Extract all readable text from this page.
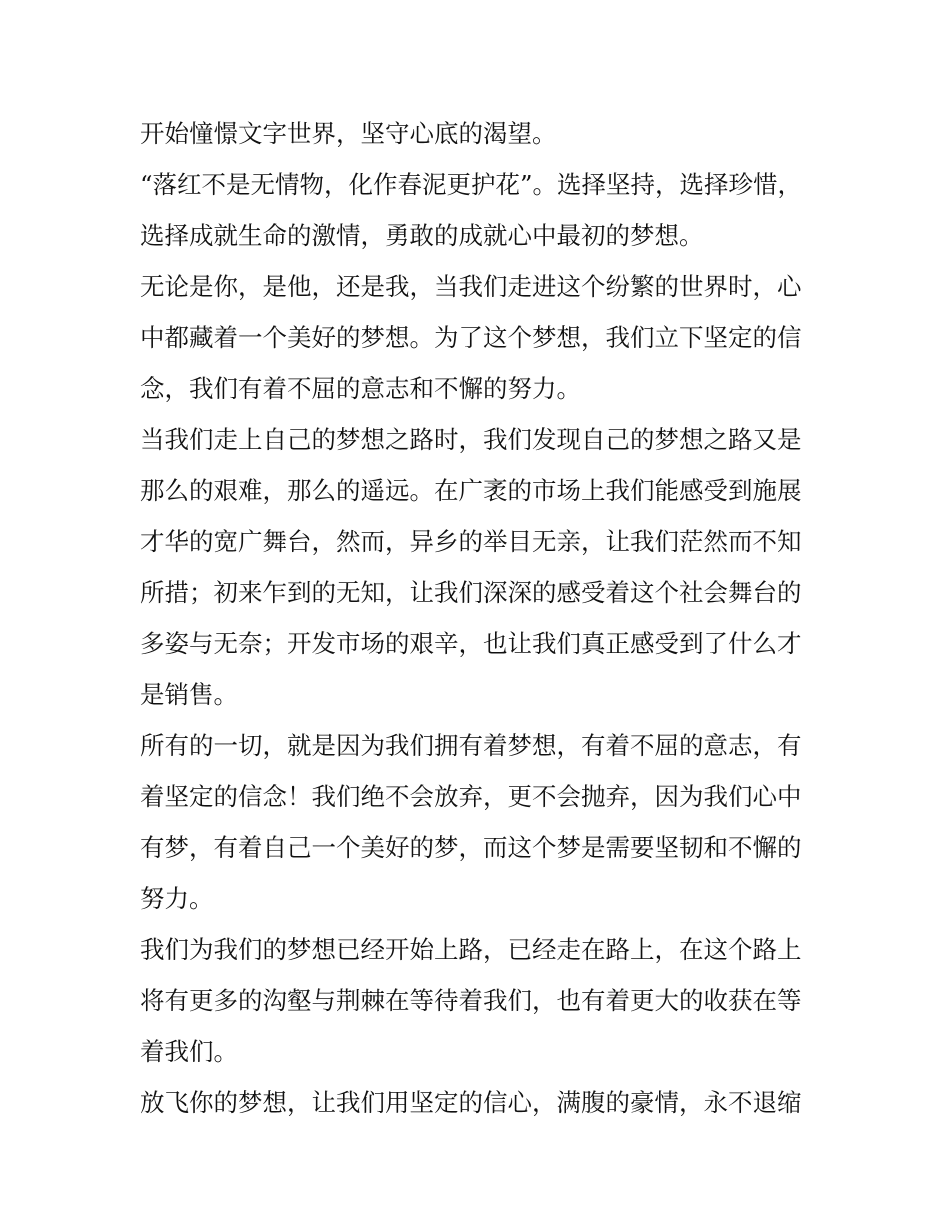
开始憧憬文字世界，坚守心底的渴望。

“落红不是无情物，化作春泥更护花”。选择坚持，选择珍惜，
选择成就生命的激情，勇敢的成就心中最初的梦想。

无论是你，是他，还是我，当我们走进这个纷繁的世界时，心
中都藏着一个美好的梦想。为了这个梦想，我们立下坚定的信
念，我们有着不屈的意志和不懈的努力。

当我们走上自己的梦想之路时，我们发现自己的梦想之路又是
那么的艰难，那么的遥远。在广袤的市场上我们能感受到施展
才华的宽广舞台，然而，异乡的举目无亲，让我们茫然而不知
所措；初来乍到的无知，让我们深深的感受着这个社会舞台的
多姿与无奈；开发市场的艰辛，也让我们真正感受到了什么才
是销售。

所有的一切，就是因为我们拥有着梦想，有着不屈的意志，有
着坚定的信念！我们绝不会放弃，更不会抛弃，因为我们心中
有梦，有着自己一个美好的梦，而这个梦是需要坚韧和不懈的
努力。

我们为我们的梦想已经开始上路，已经走在路上，在这个路上
将有更多的沟壑与荆棘在等待着我们，也有着更大的收获在等
着我们。

放飞你的梦想，让我们用坚定的信心，满腹的豪情，永不退缩
